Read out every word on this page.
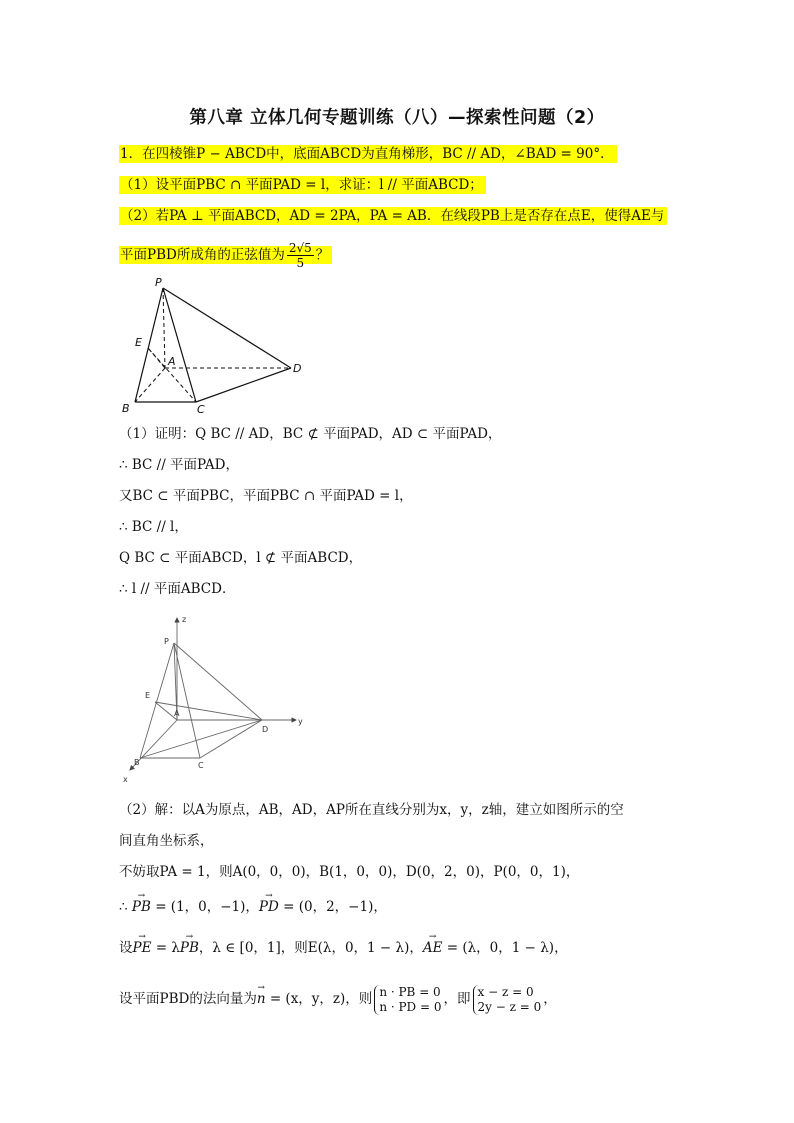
第八章 立体几何专题训练（八）—探索性问题（2）
1．在四棱锥P − ABCD中，底面ABCD为直角梯形，BC // AD，∠BAD = 90°．
（1）设平面PBC ∩ 平面PAD = l，求证：l // 平面ABCD；
（2）若PA ⊥ 平面ABCD，AD = 2PA，PA = AB．在线段PB上是否存在点E，使得AE与
平面PBD所成角的正弦值为 $\frac{2√5}{5}$ ？
P
E
A
D
B	C
（1）证明：Q BC // AD，BC ⊄ 平面PAD，AD ⊂ 平面PAD，
∴ BC // 平面PAD，
又BC ⊂ 平面PBC，平面PBC ∩ 平面PAD = l，
∴ BC // l，
Q BC ⊂ 平面ABCD，l ⊄ 平面ABCD，
∴ l // 平面ABCD．
z
y
x
P
E
A
D
B	C
（2）解：以A为原点，AB，AD，AP所在直线分别为x，y，z轴，建立如图所示的空
间直角坐标系，
不妨取PA = 1，则A(0，0，0)，B(1，0，0)，D(0，2，0)，P(0，0，1)，
∴ → PB = (1，0，−1)，→ PD = (0，2，−1)，
设→ PE = λ→ PB，λ ∈ [0，1]，则E(λ，0，1 − λ)，→ AE = (λ，0，1 − λ)，
设平面PBD的法向量为→ n = (x，y，z)，则 n · PB = 0
n · PD = 0 ，即 x − z = 0
2y − z = 0 ，
